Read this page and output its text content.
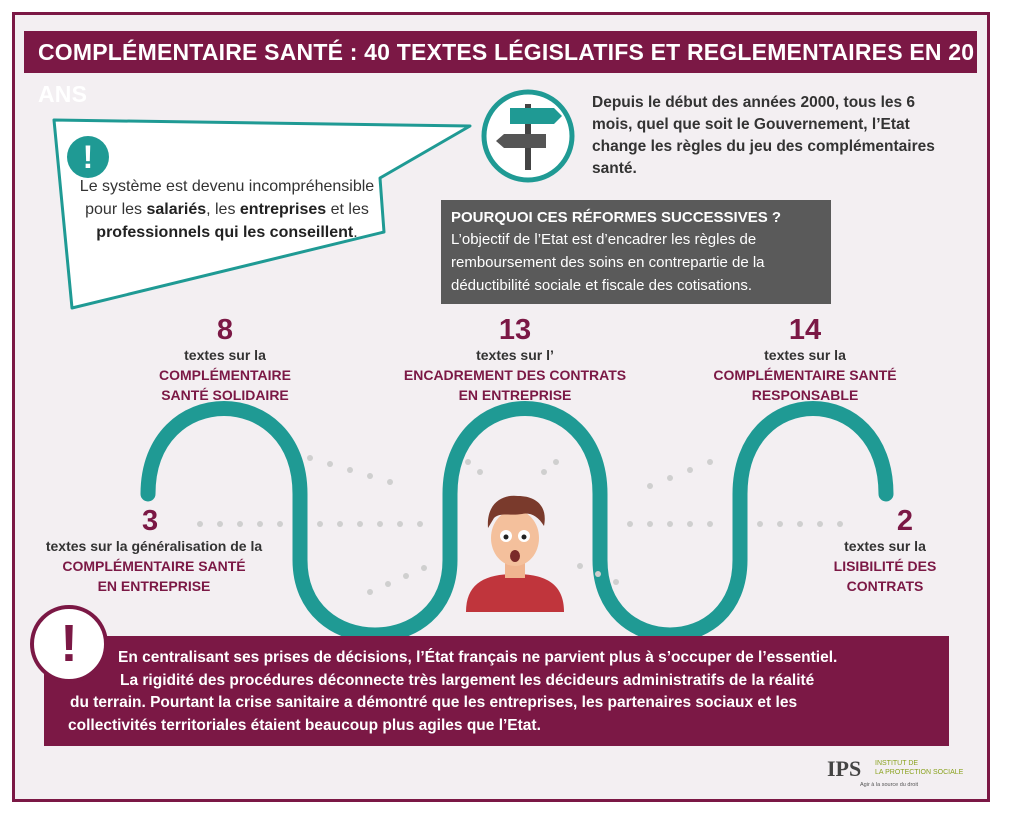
COMPLÉMENTAIRE SANTÉ : 40 TEXTES LÉGISLATIFS ET REGLEMENTAIRES EN 20 ANS
!
Le système est devenu incompréhensible pour les salariés, les entreprises et les professionnels qui les conseillent.
Depuis le début des années 2000, tous les 6 mois, quel que soit le Gouvernement, l’Etat change les règles du jeu des complémentaires santé.
POURQUOI CES RÉFORMES SUCCESSIVES ?
L’objectif de l’Etat est d’encadrer les règles de remboursement des soins en contrepartie de la déductibilité sociale et fiscale des cotisations.
8
textes sur la
COMPLÉMENTAIRE SANTÉ SOLIDAIRE
13
textes sur l’
ENCADREMENT DES CONTRATS EN ENTREPRISE
14
textes sur la
COMPLÉMENTAIRE SANTÉ RESPONSABLE
3
textes sur la généralisation de la
COMPLÉMENTAIRE SANTÉ EN ENTREPRISE
2
textes sur la
LISIBILITÉ DES CONTRATS
!	En centralisant ses prises de décisions, l’État français ne parvient plus à s’occuper de l’essentiel.
La rigidité des procédures déconnecte très largement les décideurs administratifs de la réalité
du terrain. Pourtant la crise sanitaire a démontré que les entreprises, les partenaires sociaux et les
collectivités territoriales étaient beaucoup plus agiles que l’Etat.
IPS INSTITUT DE
LA PROTECTION SOCIALE
Agir à la source du droit
